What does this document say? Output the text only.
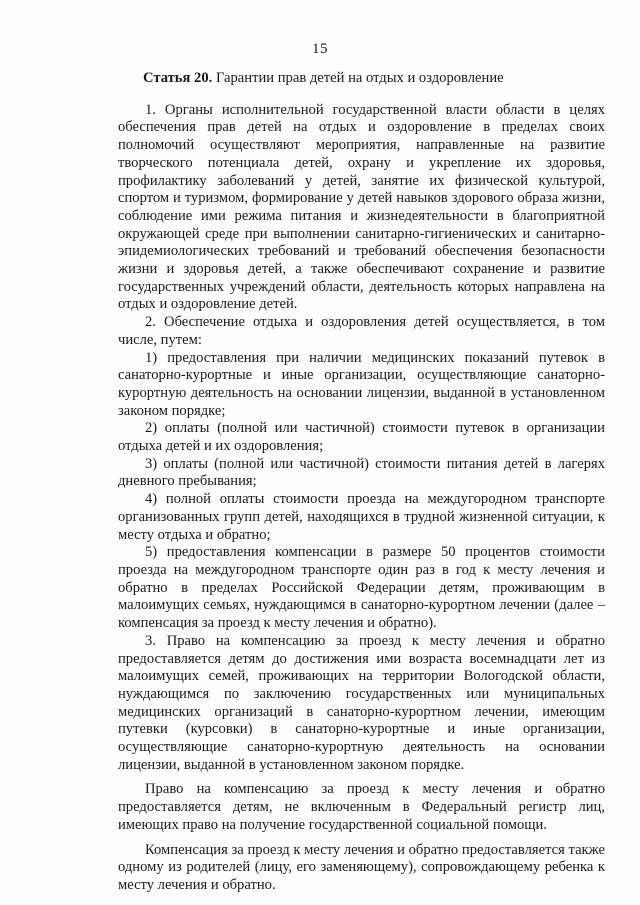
15
Статья 20. Гарантии прав детей на отдых и оздоровление

1. Органы исполнительной государственной власти области в целях обеспечения прав детей на отдых и оздоровление в пределах своих полномочий осуществляют мероприятия, направленные на развитие творческого потенциала детей, охрану и укрепление их здоровья, профилактику заболеваний у детей, занятие их физической культурой, спортом и туризмом, формирование у детей навыков здорового образа жизни, соблюдение ими режима питания и жизнедеятельности в благоприятной окружающей среде при выполнении санитарно-гигиенических и санитарно-эпидемиологических требований и требований обеспечения безопасности жизни и здоровья детей, а также обеспечивают сохранение и развитие государственных учреждений области, деятельность которых направлена на отдых и оздоровление детей.

2. Обеспечение отдыха и оздоровления детей осуществляется, в том числе, путем:

1) предоставления при наличии медицинских показаний путевок в санаторно-курортные и иные организации, осуществляющие санаторно-курортную деятельность на основании лицензии, выданной в установленном законом порядке;

2) оплаты (полной или частичной) стоимости путевок в организации отдыха детей и их оздоровления;

3) оплаты (полной или частичной) стоимости питания детей в лагерях дневного пребывания;

4) полной оплаты стоимости проезда на междугородном транспорте организованных групп детей, находящихся в трудной жизненной ситуации, к месту отдыха и обратно;

5) предоставления компенсации в размере 50 процентов стоимости проезда на междугородном транспорте один раз в год к месту лечения и обратно в пределах Российской Федерации детям, проживающим в малоимущих семьях, нуждающимся в санаторно-курортном лечении (далее – компенсация за проезд к месту лечения и обратно).

3. Право на компенсацию за проезд к месту лечения и обратно предоставляется детям до достижения ими возраста восемнадцати лет из малоимущих семей, проживающих на территории Вологодской области, нуждающимся по заключению государственных или муниципальных медицинских организаций в санаторно-курортном лечении, имеющим путевки (курсовки) в санаторно-курортные и иные организации, осуществляющие санаторно-курортную деятельность на основании лицензии, выданной в установленном законом порядке.

Право на компенсацию за проезд к месту лечения и обратно предоставляется детям, не включенным в Федеральный регистр лиц, имеющих право на получение государственной социальной помощи.

Компенсация за проезд к месту лечения и обратно предоставляется также одному из родителей (лицу, его заменяющему), сопровождающему ребенка к месту лечения и обратно.
